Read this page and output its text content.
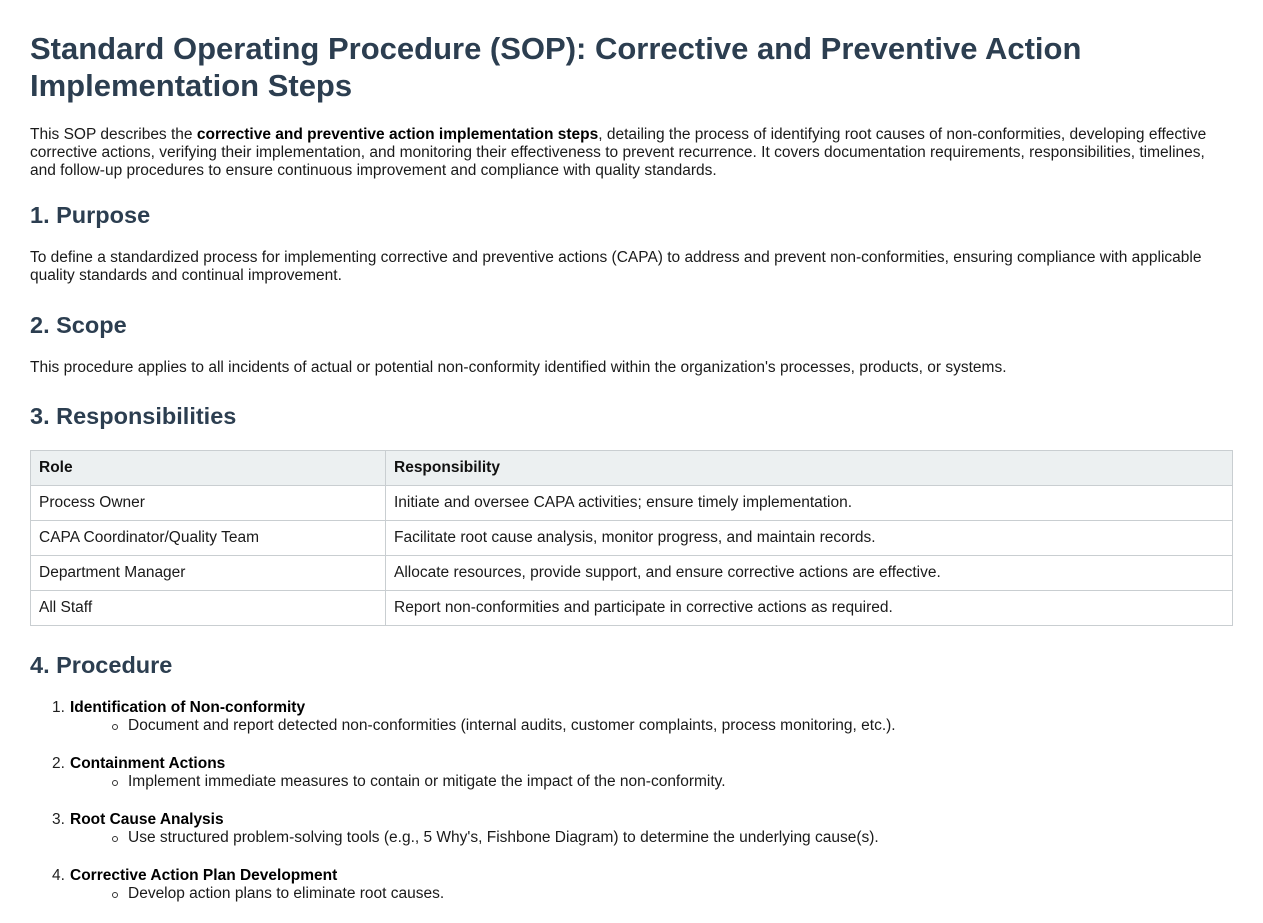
Standard Operating Procedure (SOP): Corrective and Preventive Action Implementation Steps

This SOP describes the corrective and preventive action implementation steps, detailing the process of identifying root causes of non-conformities, developing effective corrective actions, verifying their implementation, and monitoring their effectiveness to prevent recurrence. It covers documentation requirements, responsibilities, timelines, and follow-up procedures to ensure continuous improvement and compliance with quality standards.

1. Purpose

To define a standardized process for implementing corrective and preventive actions (CAPA) to address and prevent non-conformities, ensuring compliance with applicable quality standards and continual improvement.

2. Scope

This procedure applies to all incidents of actual or potential non-conformity identified within the organization's processes, products, or systems.

3. Responsibilities
Role	Responsibility
Process Owner	Initiate and oversee CAPA activities; ensure timely implementation.
CAPA Coordinator/Quality Team	Facilitate root cause analysis, monitor progress, and maintain records.
Department Manager	Allocate resources, provide support, and ensure corrective actions are effective.
All Staff	Report non-conformities and participate in corrective actions as required.
4. Procedure
1. Identification of Non-conformity
Document and report detected non-conformities (internal audits, customer complaints, process monitoring, etc.).
2. Containment Actions
Implement immediate measures to contain or mitigate the impact of the non-conformity.
3. Root Cause Analysis
Use structured problem-solving tools (e.g., 5 Why's, Fishbone Diagram) to determine the underlying cause(s).
4. Corrective Action Plan Development
Develop action plans to eliminate root causes.
